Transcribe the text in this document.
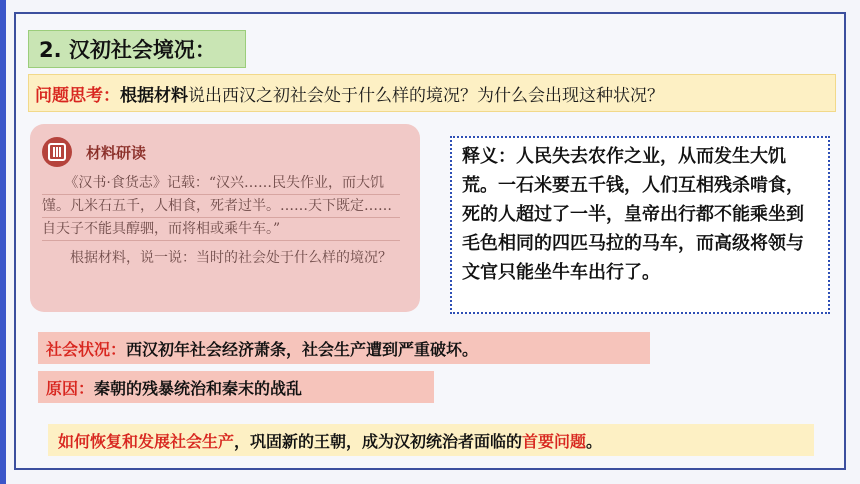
2. 汉初社会境况：
问题思考： 根据材料 说出西汉之初社会处于什么样的境况？为什么会出现这种状况？
材料研读
《汉书·食货志》记载：“汉兴……民失作业，而大饥馑。凡米石五千，人相食，死者过半。……天下既定……自天子不能具醇驷，而将相或乘牛车。”
根据材料，说一说：当时的社会处于什么样的境况？
释义：人民失去农作之业，从而发生大饥荒。一石米要五千钱，人们互相残杀啃食，死的人超过了一半，皇帝出行都不能乘坐到毛色相同的四匹马拉的马车，而高级将领与文官只能坐牛车出行了。
社会状况： 西汉初年社会经济萧条，社会生产遭到严重破坏。
原因： 秦朝的残暴统治和秦末的战乱
如何恢复和发展社会生产 ，巩固新的王朝，成为汉初统治者面临的 首要问题 。
